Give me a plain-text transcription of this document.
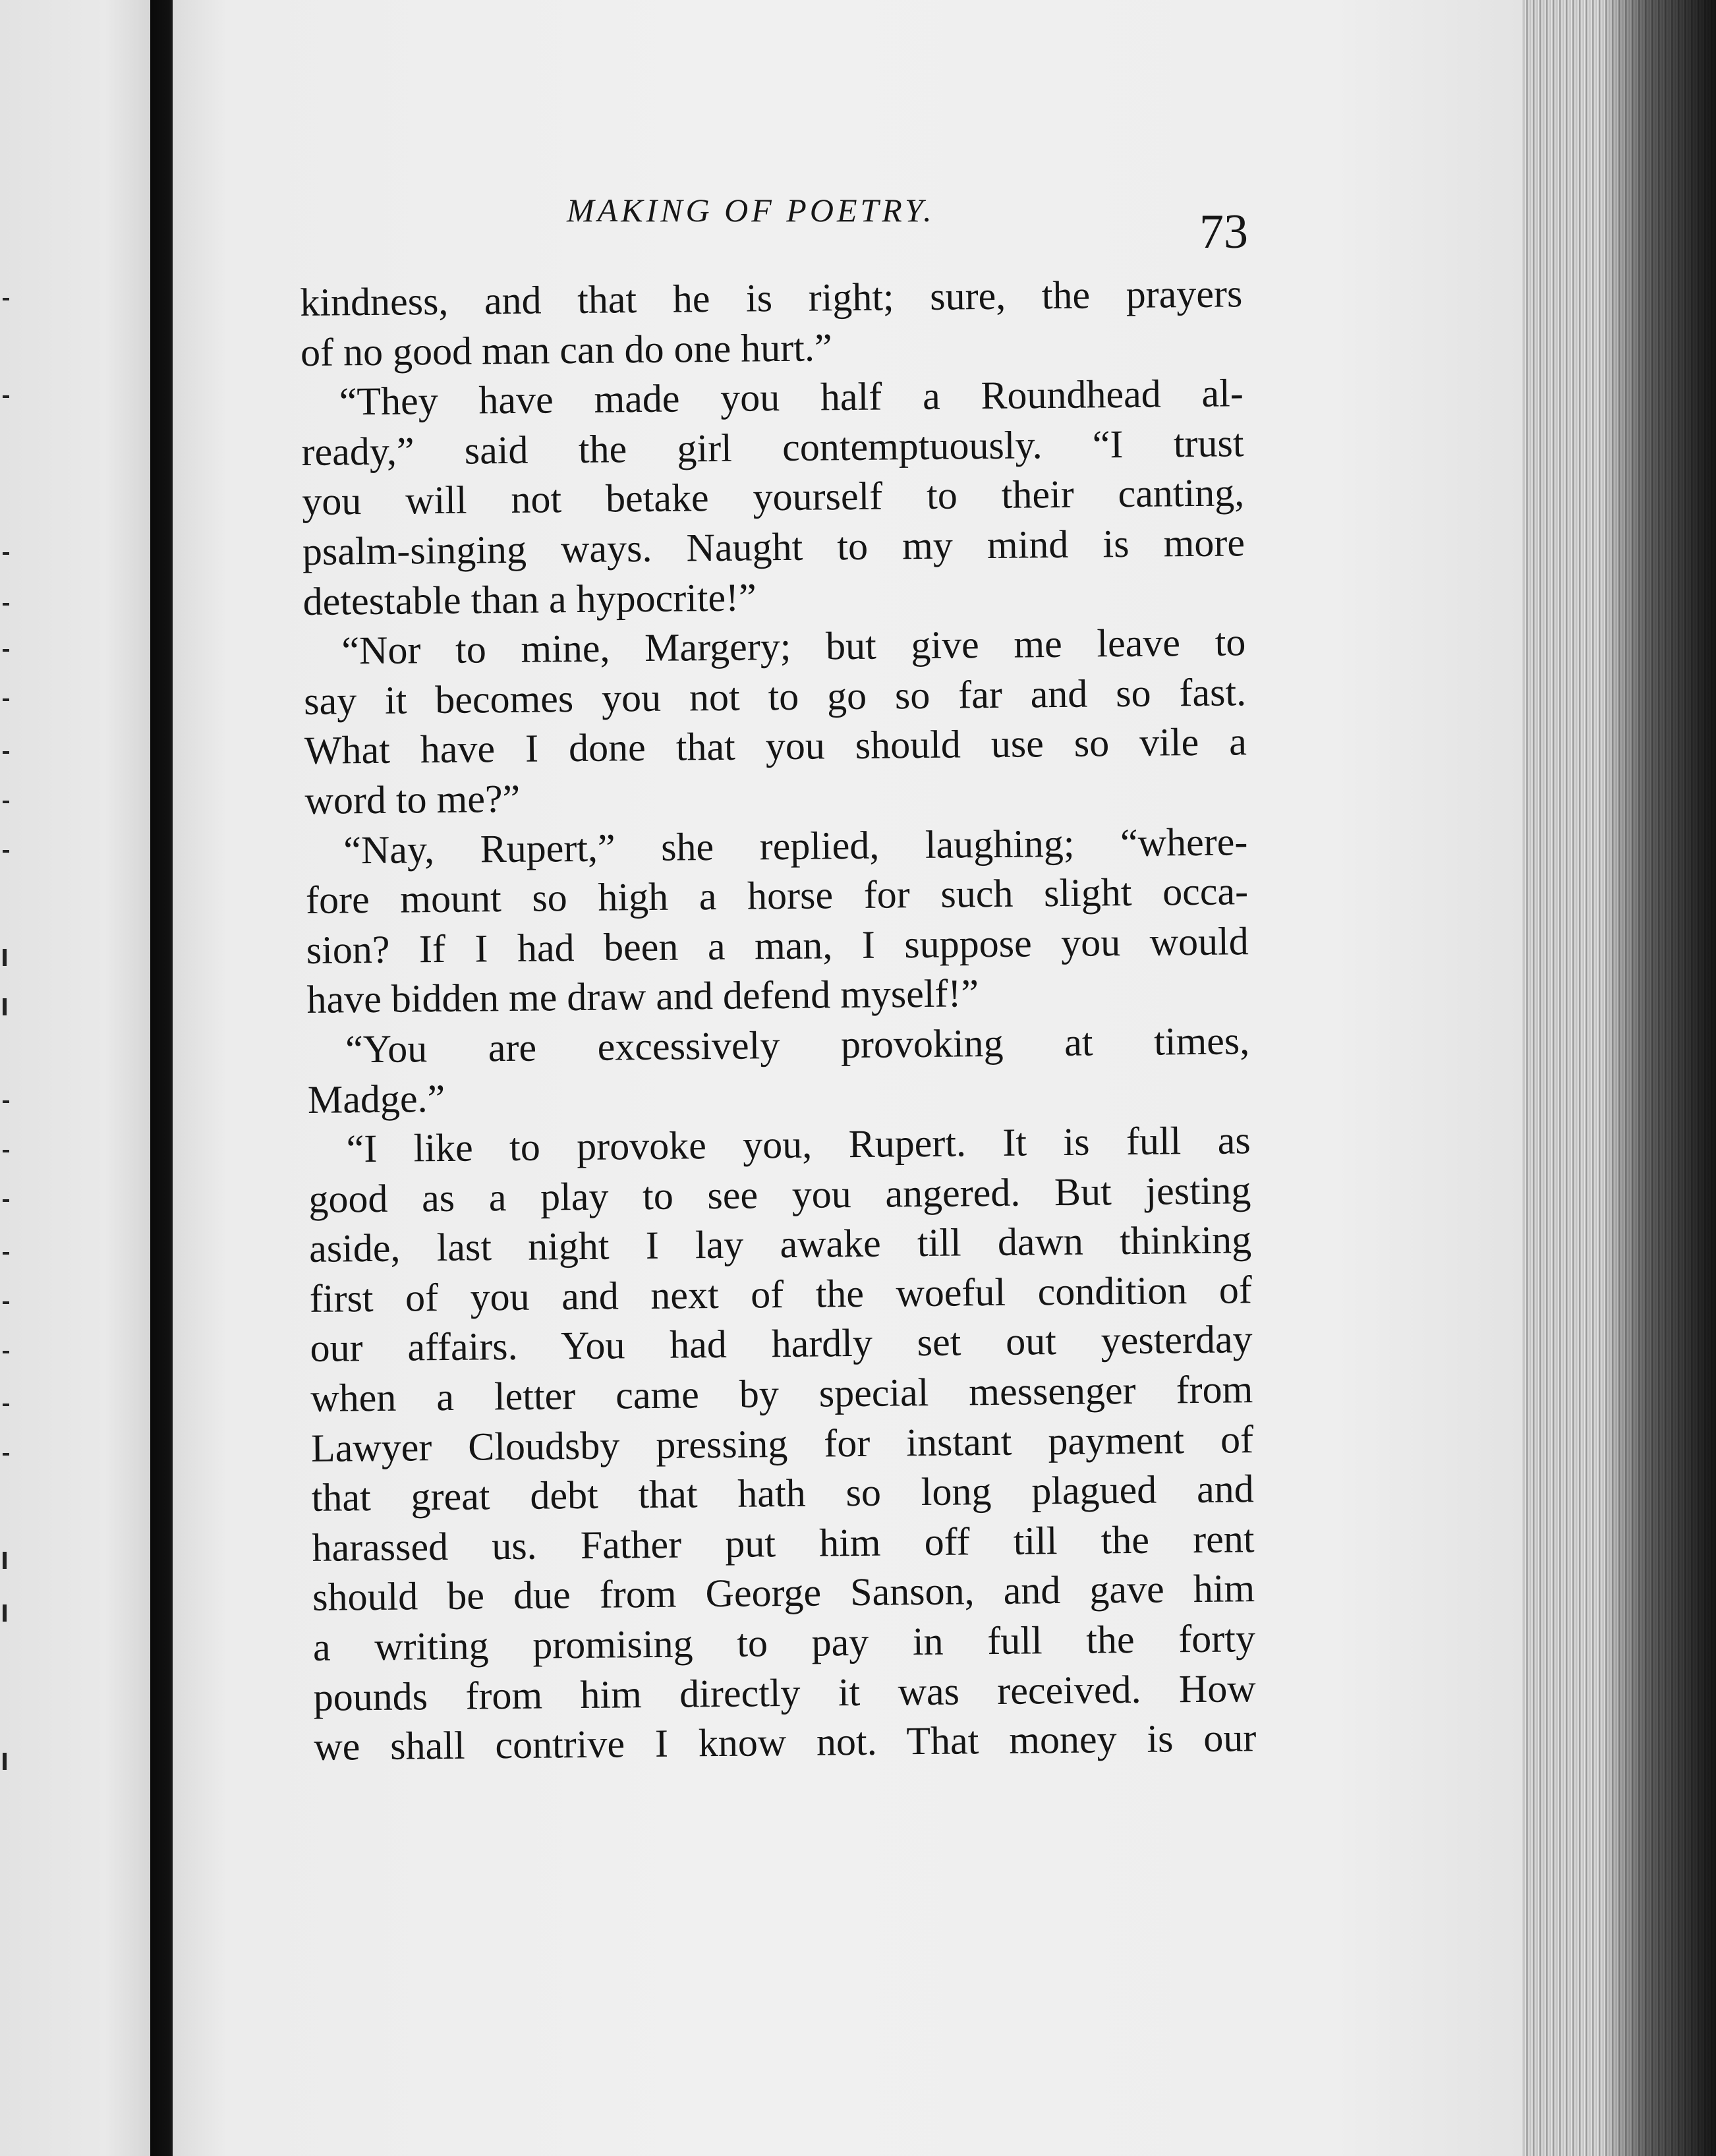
MAKING OF POETRY.	73
kindness, and that he is right; sure, the prayers
of no good man can do one hurt.”
“They have made you half a Roundhead al-
ready,” said the girl contemptuously. “I trust
you will not betake yourself to their canting,
psalm-singing ways. Naught to my mind is more
detestable than a hypocrite!”
“Nor to mine, Margery; but give me leave to
say it becomes you not to go so far and so fast.
What have I done that you should use so vile a
word to me?”
“Nay, Rupert,” she replied, laughing; “where-
fore mount so high a horse for such slight occa-
sion? If I had been a man, I suppose you would
have bidden me draw and defend myself!”
“You are excessively provoking at times,
Madge.”
“I like to provoke you, Rupert. It is full as
good as a play to see you angered. But jesting
aside, last night I lay awake till dawn thinking
first of you and next of the woeful condition of
our affairs. You had hardly set out yesterday
when a letter came by special messenger from
Lawyer Cloudsby pressing for instant payment of
that great debt that hath so long plagued and
harassed us. Father put him off till the rent
should be due from George Sanson, and gave him
a writing promising to pay in full the forty
pounds from him directly it was received. How
we shall contrive I know not. That money is our
